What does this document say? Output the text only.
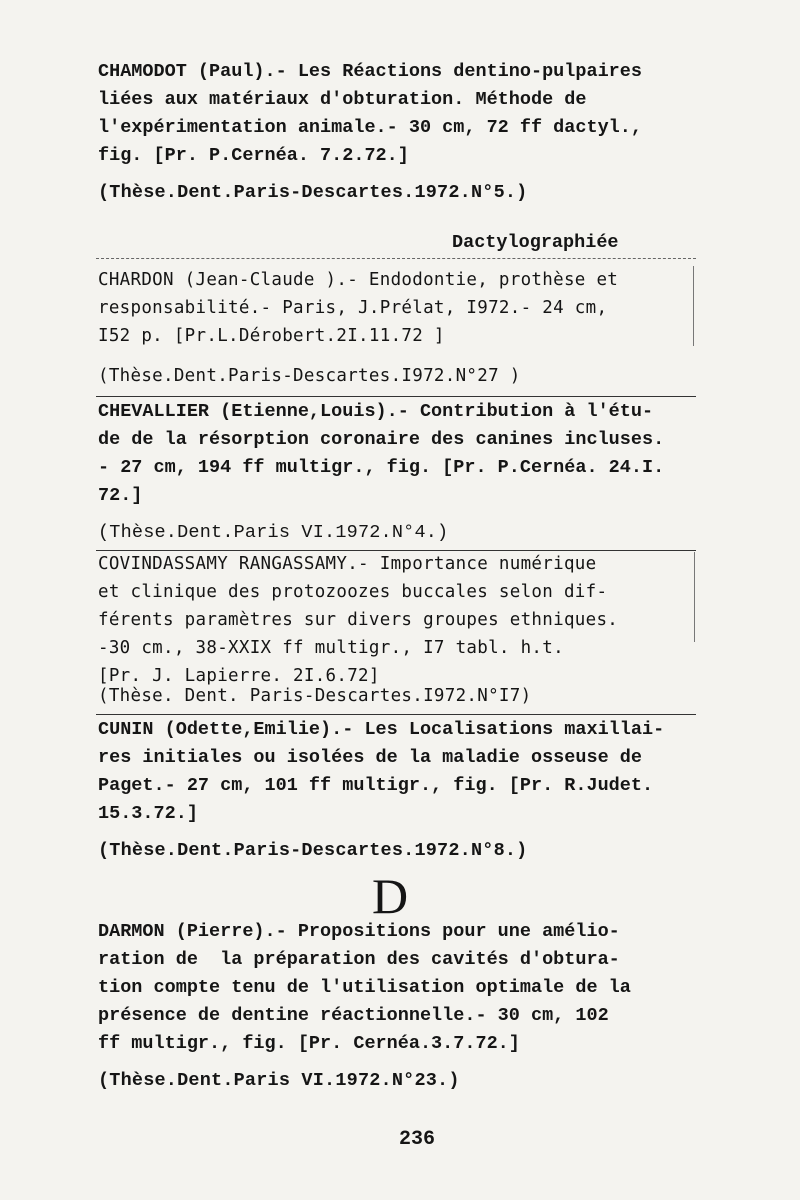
CHAMODOT (Paul).- Les Réactions dentino-pulpaires
liées aux matériaux d'obturation. Méthode de
l'expérimentation animale.- 30 cm, 72 ff dactyl.,
fig. [Pr. P.Cernéa. 7.2.72.]
(Thèse.Dent.Paris-Descartes.1972.N°5.)
Dactylographiée
CHARDON (Jean-Claude ).- Endodontie, prothèse et
responsabilité.- Paris, J.Prélat, I972.- 24 cm,
I52 p. [Pr.L.Dérobert.2I.11.72 ]
(Thèse.Dent.Paris-Descartes.I972.N°27 )
CHEVALLIER (Etienne,Louis).- Contribution à l'étu-
de de la résorption coronaire des canines incluses.
- 27 cm, 194 ff multigr., fig. [Pr. P.Cernéa. 24.I.
72.]
(Thèse.Dent.Paris VI.1972.N°4.)
COVINDASSAMY RANGASSAMY.- Importance numérique
et clinique des protozoozes buccales selon dif-
férents paramètres sur divers groupes ethniques.
-30 cm., 38-XXIX ff multigr., I7 tabl. h.t.
[Pr. J. Lapierre. 2I.6.72]
(Thèse. Dent. Paris-Descartes.I972.N°I7)
CUNIN (Odette,Emilie).- Les Localisations maxillai-
res initiales ou isolées de la maladie osseuse de
Paget.- 27 cm, 101 ff multigr., fig. [Pr. R.Judet.
15.3.72.]
(Thèse.Dent.Paris-Descartes.1972.N°8.)
D
DARMON (Pierre).- Propositions pour une amélio-
ration de  la préparation des cavités d'obtura-
tion compte tenu de l'utilisation optimale de la
présence de dentine réactionnelle.- 30 cm, 102
ff multigr., fig. [Pr. Cernéa.3.7.72.]
(Thèse.Dent.Paris VI.1972.N°23.)
236
